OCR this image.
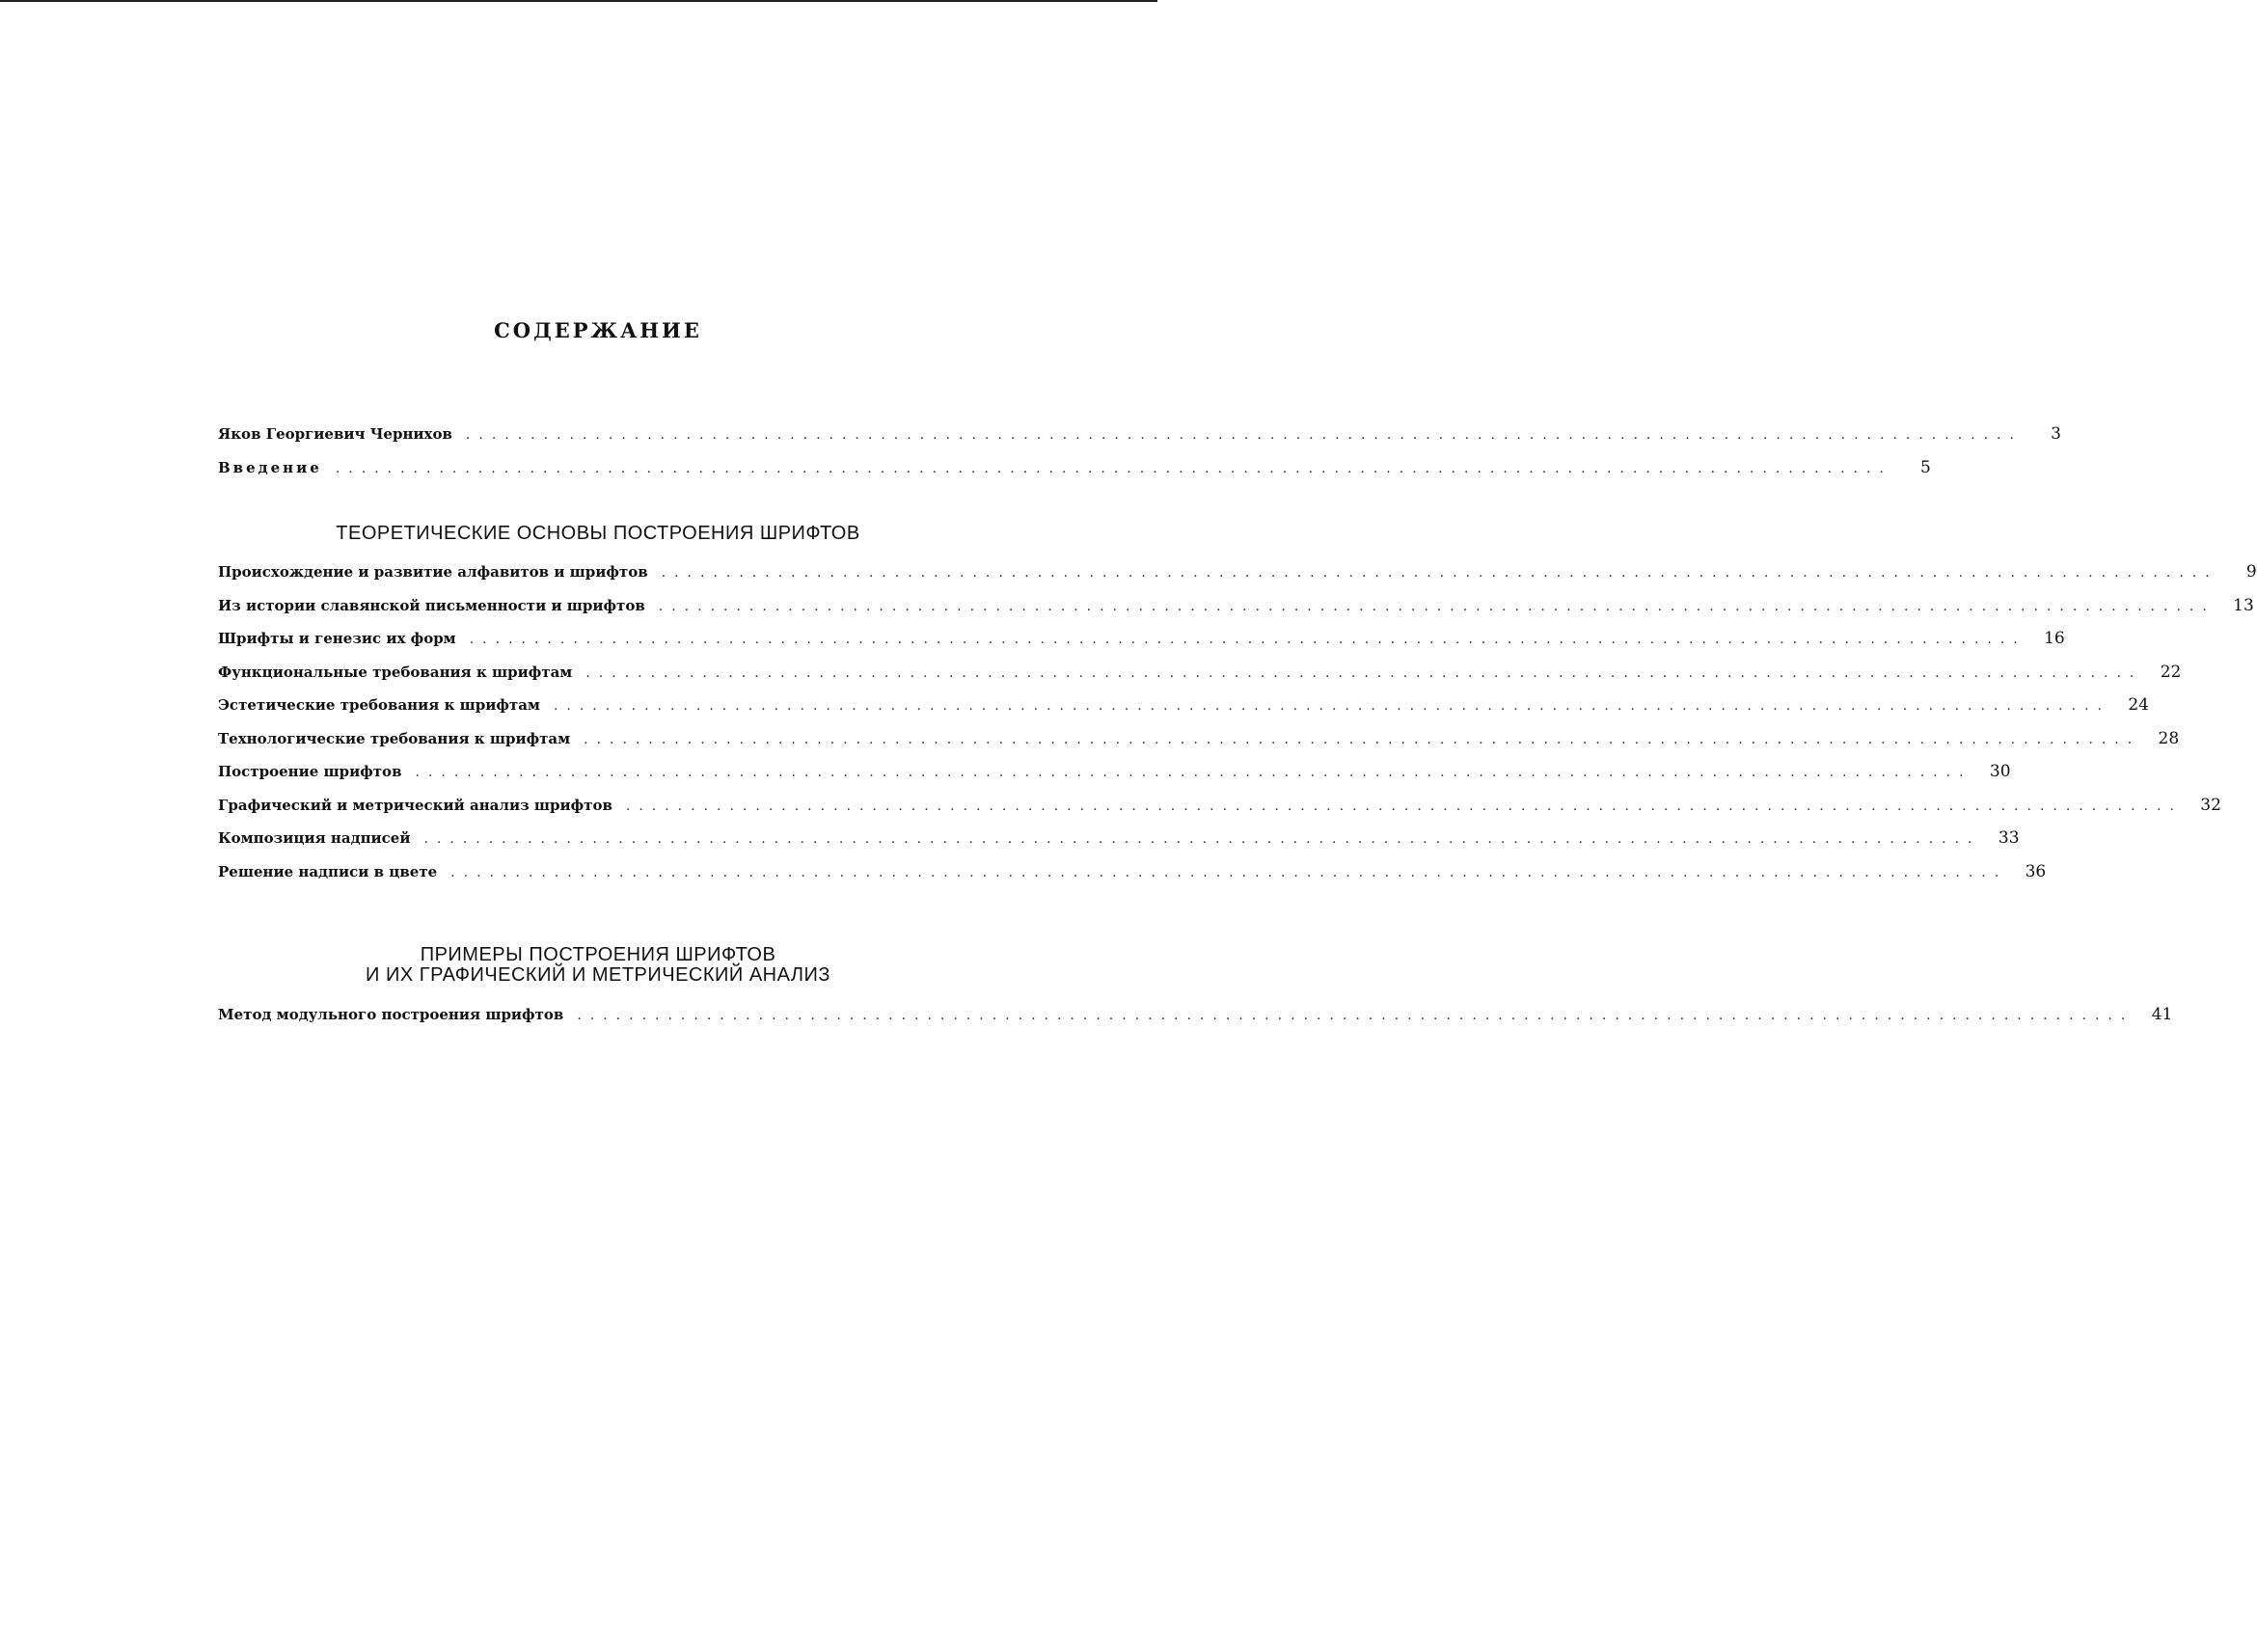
СОДЕРЖАНИЕ
Яков Георгиевич Чернихов ........................................................................................................................	3
Введение ........................................................................................................................	5
ТЕОРЕТИЧЕСКИЕ ОСНОВЫ ПОСТРОЕНИЯ ШРИФТОВ
Происхождение и развитие алфавитов и шрифтов ........................................................................................................................	9
Из истории славянской письменности и шрифтов ........................................................................................................................	13
Шрифты и генезис их форм ........................................................................................................................	16
Функциональные требования к шрифтам ........................................................................................................................	22
Эстетические требования к шрифтам ........................................................................................................................	24
Технологические требования к шрифтам ........................................................................................................................	28
Построение шрифтов ........................................................................................................................	30
Графический и метрический анализ шрифтов ........................................................................................................................	32
Композиция надписей ........................................................................................................................	33
Решение надписи в цвете ........................................................................................................................	36
ПРИМЕРЫ ПОСТРОЕНИЯ ШРИФТОВ
И ИХ ГРАФИЧЕСКИЙ И МЕТРИЧЕСКИЙ АНАЛИЗ
Метод модульного построения шрифтов ........................................................................................................................	41
